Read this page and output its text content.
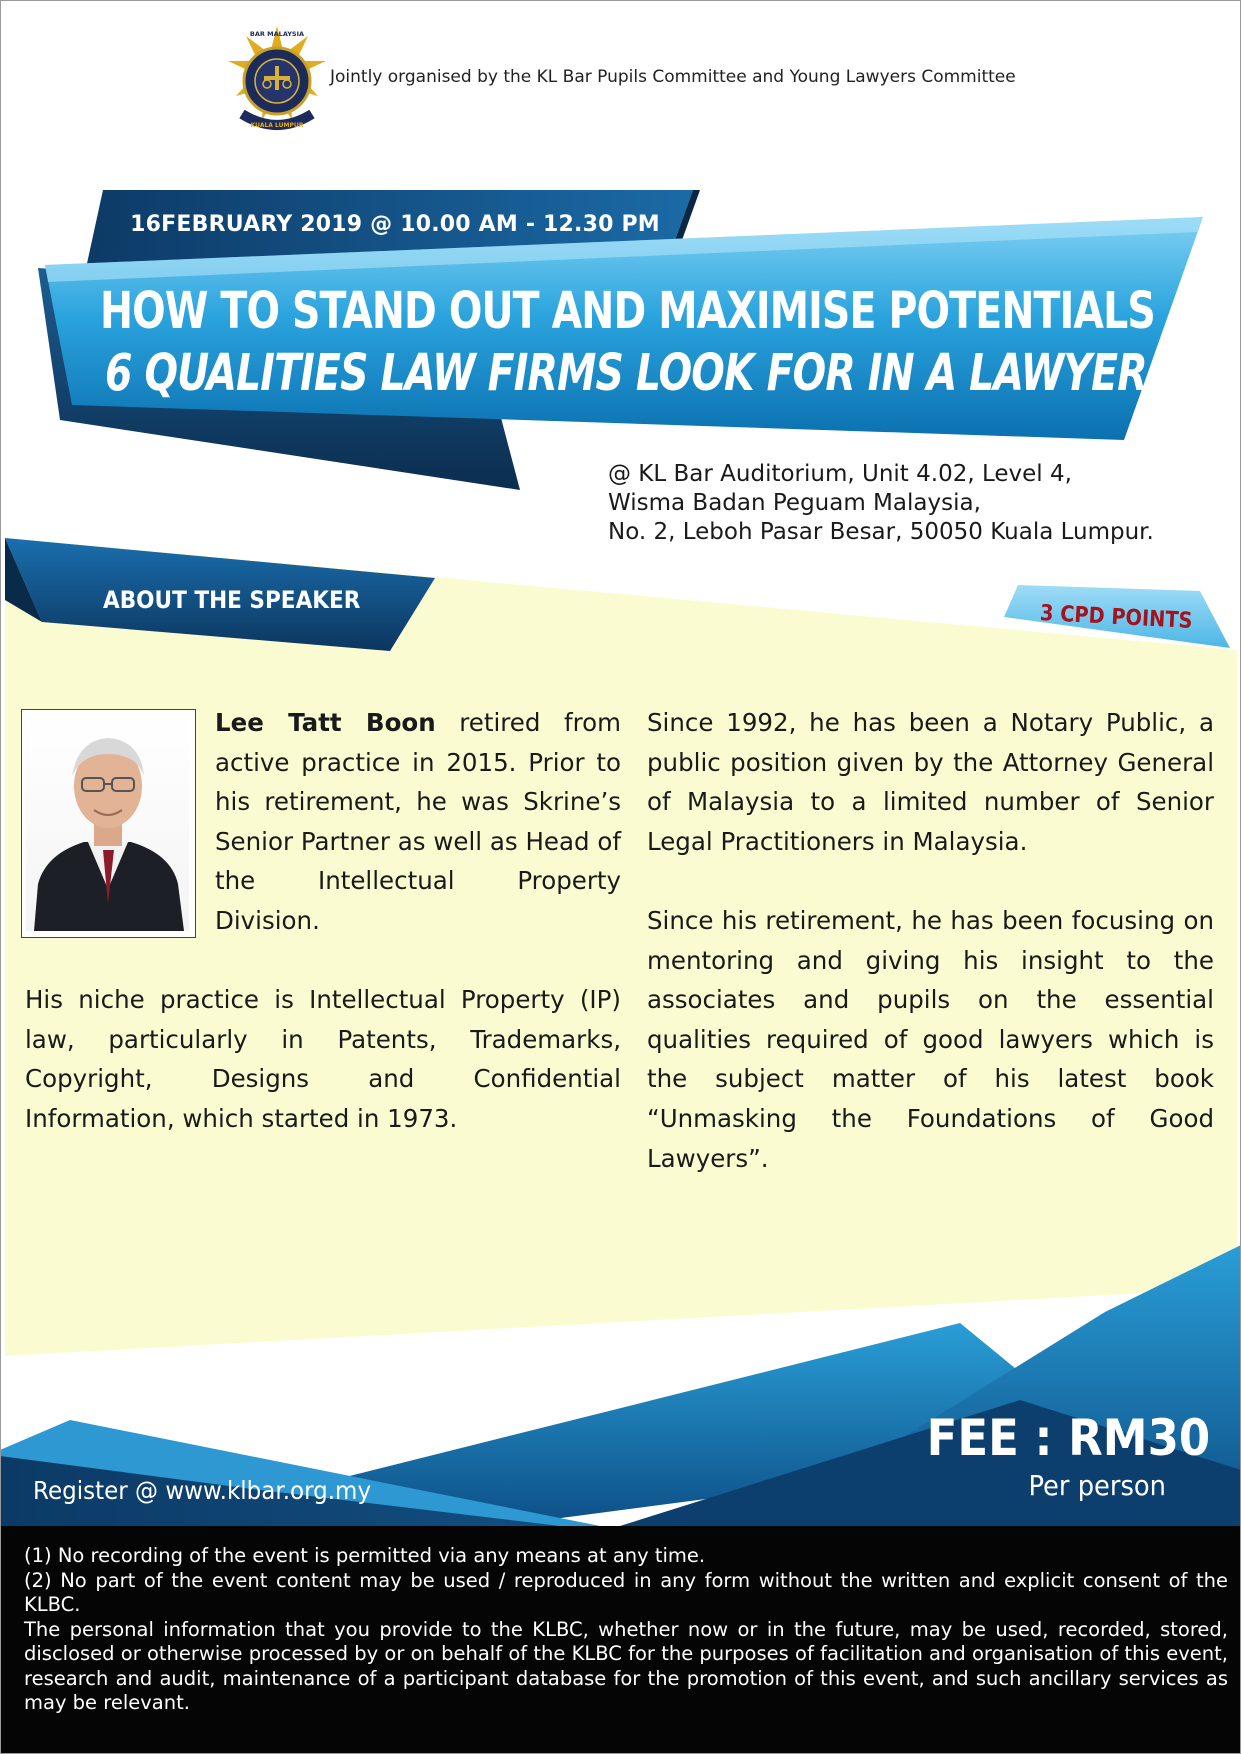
BAR MALAYSIA
KUALA LUMPUR
Jointly organised by the KL Bar Pupils Committee and Young Lawyers Committee
16FEBRUARY 2019 @ 10.00 AM - 12.30 PM
HOW TO STAND OUT AND MAXIMISE POTENTIALS
6 QUALITIES LAW FIRMS LOOK FOR IN A LAWYER
@ KL Bar Auditorium, Unit 4.02, Level 4,
Wisma Badan Peguam Malaysia,
No. 2, Leboh Pasar Besar, 50050 Kuala Lumpur.
ABOUT THE SPEAKER
3 CPD POINTS
Lee Tatt Boon retired from active practice in 2015. Prior to his retirement, he was Skrine’s Senior Partner as well as Head of the Intellectual Property Division.
His niche practice is Intellectual Property (IP) law, particularly in Patents, Trademarks, Copyright, Designs and Confidential Information, which started in 1973.
Since 1992, he has been a Notary Public, a public position given by the Attorney General of Malaysia to a limited number of Senior Legal Practitioners in Malaysia.
Since his retirement, he has been focusing on mentoring and giving his insight to the associates and pupils on the essential qualities required of good lawyers which is the subject matter of his latest book “Unmasking the Foundations of Good Lawyers”.
Register @ www.klbar.org.my
FEE : RM30
Per person
(1) No recording of the event is permitted via any means at any time.
(2) No part of the event content may be used / reproduced in any form without the written and explicit consent of the KLBC.
The personal information that you provide to the KLBC, whether now or in the future, may be used, recorded, stored, disclosed or otherwise processed by or on behalf of the KLBC for the purposes of facilitation and organisation of this event, research and audit, maintenance of a participant database for the promotion of this event, and such ancillary services as may be relevant.
